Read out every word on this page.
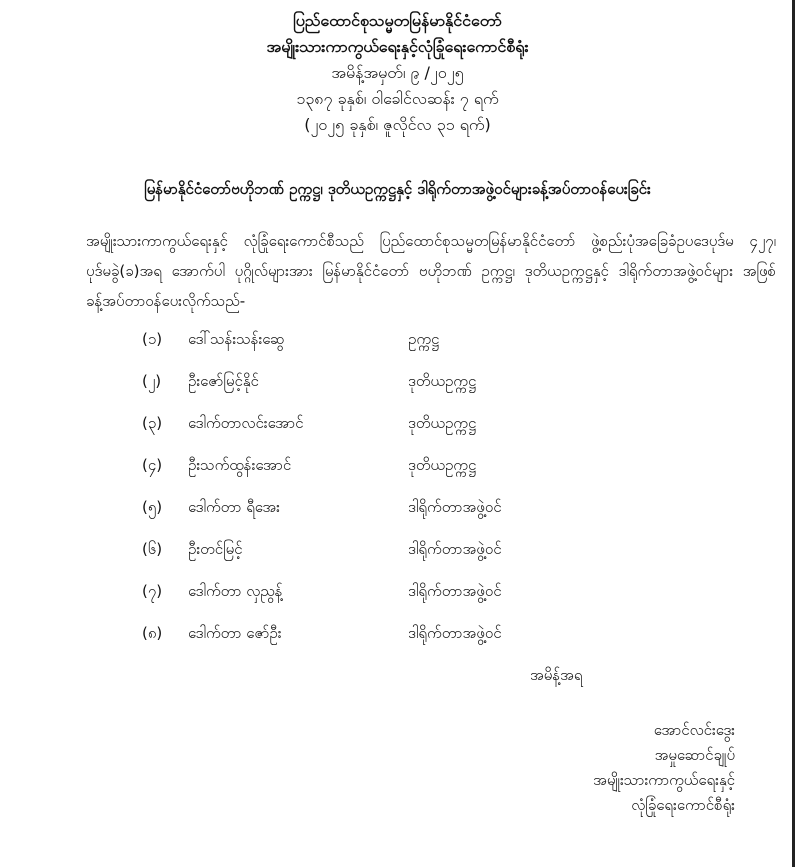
ပြည်ထောင်စုသမ္မတမြန်မာနိုင်ငံတော်
အမျိုးသားကာကွယ်ရေးနှင့်လုံခြုံရေးကောင်စီရုံး
အမိန့်အမှတ်၊ ၉ /၂၀၂၅
၁၃၈၇ ခုနှစ်၊ ဝါခေါင်လဆန်း ၇ ရက်
(၂၀၂၅ ခုနှစ်၊ ဇူလိုင်လ ၃၁ ရက်)
မြန်မာနိုင်ငံတော်ဗဟိုဘဏ် ဥက္ကဋ္ဌ၊ ဒုတိယဥက္ကဋ္ဌနှင့် ဒါရိုက်တာအဖွဲ့ဝင်များခန့်အပ်တာဝန်ပေးခြင်း
အမျိုးသားကာကွယ်ရေးနှင့် လုံခြုံရေးကောင်စီသည် ပြည်ထောင်စုသမ္မတမြန်မာနိုင်ငံတော် ဖွဲ့စည်းပုံအခြေခံဥပဒေပုဒ်မ ၄၂၇၊ ပုဒ်မခွဲ(ခ)အရ အောက်ပါ ပုဂ္ဂိုလ်များအား မြန်မာနိုင်ငံတော် ဗဟိုဘဏ် ဥက္ကဋ္ဌ၊ ဒုတိယဥက္ကဋ္ဌနှင့် ဒါရိုက်တာအဖွဲ့ဝင်များ အဖြစ် ခန့်အပ်တာဝန်ပေးလိုက်သည်-
(၁)	ဒေါ်သန်းသန်းဆွေ	ဥက္ကဋ္ဌ
(၂)	ဦးဇော်မြင့်နိုင်	ဒုတိယဥက္ကဋ္ဌ
(၃)	ဒေါက်တာလင်းအောင်	ဒုတိယဥက္ကဋ္ဌ
(၄)	ဦးသက်ထွန်းအောင်	ဒုတိယဥက္ကဋ္ဌ
(၅)	ဒေါက်တာ ရီအေး	ဒါရိုက်တာအဖွဲ့ဝင်
(၆)	ဦးတင်မြင့်	ဒါရိုက်တာအဖွဲ့ဝင်
(၇)	ဒေါက်တာ လှညွန့်	ဒါရိုက်တာအဖွဲ့ဝင်
(၈)	ဒေါက်တာ ဇော်ဦး	ဒါရိုက်တာအဖွဲ့ဝင်
အမိန့်အရ
အောင်လင်းဒွေး
အမှုဆောင်ချုပ်
အမျိုးသားကာကွယ်ရေးနှင့်
လုံခြုံရေးကောင်စီရုံး
